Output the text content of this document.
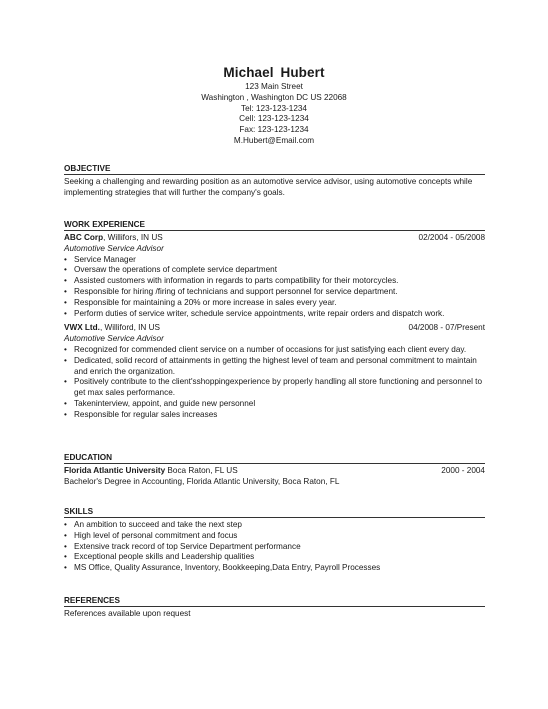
Michael Hubert
123 Main Street
Washington , Washington DC US 22068
Tel: 123-123-1234
Cell: 123-123-1234
Fax: 123-123-1234
M.Hubert@Email.com
OBJECTIVE
Seeking a challenging and rewarding position as an automotive service advisor, using automotive concepts while implementing strategies that will further the company's goals.
WORK EXPERIENCE
ABC Corp, Willifors, IN US	02/2004 - 05/2008
Automotive Service Advisor
• Service Manager
• Oversaw the operations of complete service department
• Assisted customers with information in regards to parts compatibility for their motorcycles.
• Responsible for hiring /firing of technicians and support personnel for service department.
• Responsible for maintaining a 20% or more increase in sales every year.
• Perform duties of service writer, schedule service appointments, write repair orders and dispatch work.
VWX Ltd., Williford, IN US	04/2008 - 07/Present
Automotive Service Advisor
• Recognized for commended client service on a number of occasions for just satisfying each client every day.
• Dedicated, solid record of attainments in getting the highest level of team and personal commitment to maintain and enrich the organization.
• Positively contribute to the client'sshoppingexperience by properly handling all store functioning and personnel to get max sales performance.
• Takeninterview, appoint, and guide new personnel
• Responsible for regular sales increases
EDUCATION
Florida Atlantic University Boca Raton, FL US	2000 - 2004
Bachelor's Degree in Accounting, Florida Atlantic University, Boca Raton, FL
SKILLS
• An ambition to succeed and take the next step
• High level of personal commitment and focus
• Extensive track record of top Service Department performance
• Exceptional people skills and Leadership qualities
• MS Office, Quality Assurance, Inventory, Bookkeeping,Data Entry, Payroll Processes
REFERENCES
References available upon request
